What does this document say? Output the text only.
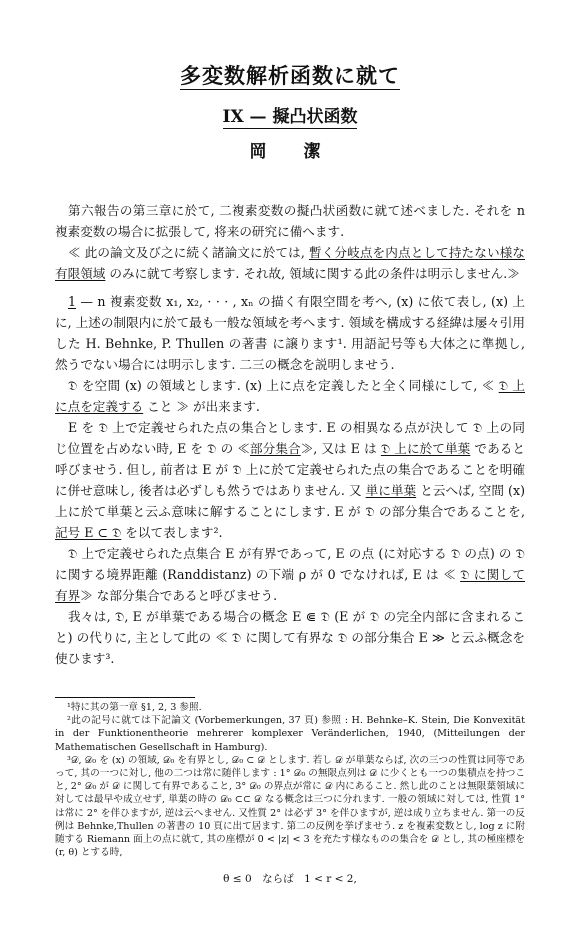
多変数解析函数に就て
IX — 擬凸状函数
岡　潔

第六報告の第三章に於て, 二複素変数の擬凸状函数に就て述べました. それを n 複素変数の場合に拡張して, 将来の研究に備へます.

≪ 此の論文及び之に続く諸論文に於ては, 暫く分岐点を内点として持たない様な有限領域 のみに就て考察します. それ故, 領域に関する此の条件は明示しません.≫

1 — n 複素変数 x₁, x₂, · · · , xₙ の描く有限空間を考へ, (x) に依て表し, (x) 上に, 上述の制限内に於て最も一般な領域を考へます. 領域を構成する経緯は屡々引用した H. Behnke, P. Thullen の著書 に譲ります¹. 用語記号等も大体之に準拠し, 然うでない場合には明示します. 二三の概念を説明しませう.

𝔇 を空間 (x) の領域とします. (x) 上に点を定義したと全く同様にして, ≪ 𝔇 上に点を定義する こと ≫ が出来ます.

E を 𝔇 上で定義せられた点の集合とします. E の相異なる点が決して 𝔇 上の同じ位置を占めない時, E を 𝔇 の ≪部分集合≫, 又は E は 𝔇 上に於て単葉 であると呼びませう. 但し, 前者は E が 𝔇 上に於て定義せられた点の集合であることを明確に併せ意味し, 後者は必ずしも然うではありません. 又 単に単葉 と云へば, 空間 (x) 上に於て単葉と云ふ意味に解することにします. E が 𝔇 の部分集合であることを, 記号 E ⊂ 𝔇 を以て表します².

𝔇 上で定義せられた点集合 E が有界であって, E の点 (に対応する 𝔇 の点) の 𝔇 に関する境界距離 (Randdistanz) の下端 ρ が 0 でなければ, E は ≪ 𝔇 に関して有界≫ な部分集合であると呼びませう.

我々は, 𝔇, E が単葉である場合の概念 E ⋐ 𝔇 (E が 𝔇 の完全内部に含まれること) の代りに, 主として此の ≪ 𝔇 に関して有界な 𝔇 の部分集合 E ≫ と云ふ概念を使ひます³.

¹特に其の第一章 §1, 2, 3 参照.

²此の記号に就ては下記論文 (Vorbemerkungen, 37 頁) 参照 : H. Behnke–K. Stein, Die Konvexität in der Funktionentheorie mehrerer komplexer Veränderlichen, 1940, (Mitteilungen der Mathematischen Gesellschaft in Hamburg).

³𝒟, 𝒟₀ を (x) の領域, 𝒟₀ を有界とし, 𝒟₀ ⊂ 𝒟 とします. 若し 𝒟 が単葉ならば, 次の三つの性質は同等であって, 其の一つに対し, 他の二つは常に随伴します : 1° 𝒟₀ の無限点列は 𝒟 に少くとも一つの集積点を持つこと, 2° 𝒟₀ が 𝒟 に関して有界であること, 3° 𝒟₀ の界点が常に 𝒟 内にあること. 然し此のことは無限葉領域に対しては最早や成立せず, 単葉の時の 𝒟₀ ⊂⊂ 𝒟 なる概念は三つに分れます. 一般の領域に対しては, 性質 1° は常に 2° を伴ひますが, 逆は云へません. 又性質 2° は必ず 3° を伴ひますが, 逆は成り立ちません. 第一の反例は Behnke,Thullen の著書の 10 頁に出て居ます. 第二の反例を挙げませう. z を複素変数とし, log z に附随する Riemann 面上の点に就て, 其の座標が 0 < |z| < 3 を充たす様なものの集合を 𝒟 とし, 其の極座標を (r, θ) とする時,

θ ≤ 0　ならば　1 < r < 2,
